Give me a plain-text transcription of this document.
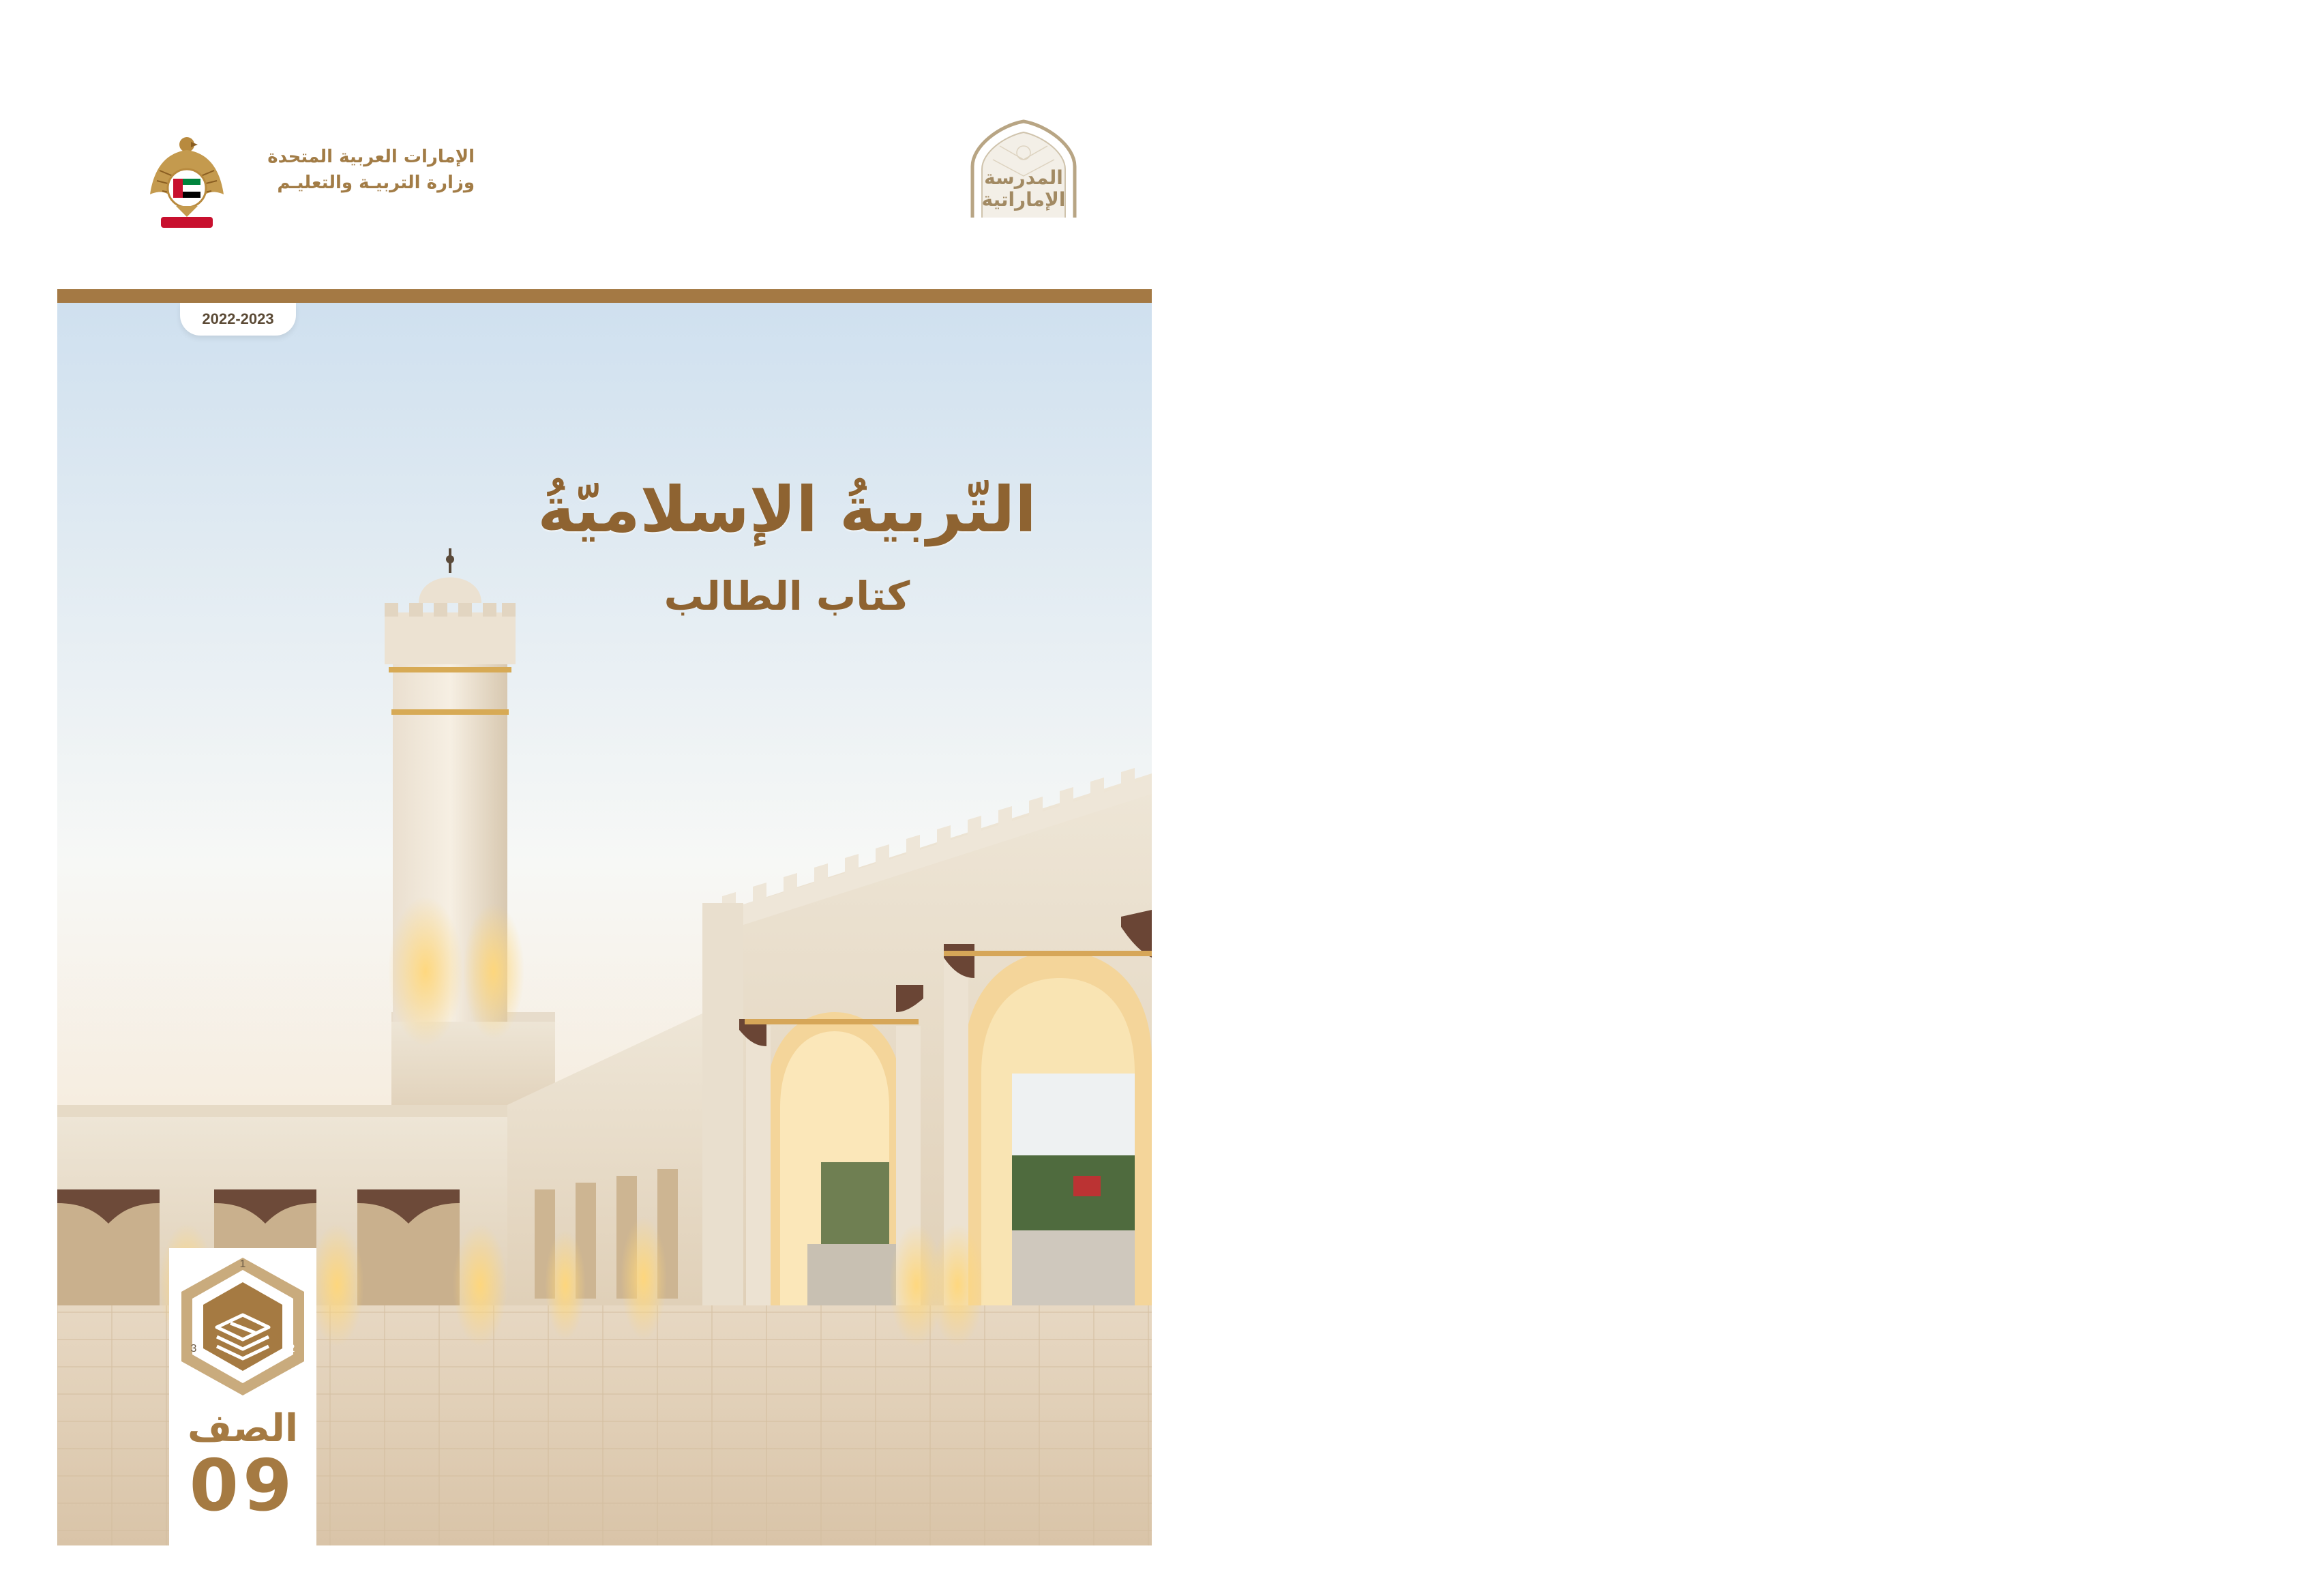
الإمارات العربية المتحدة
وزارة التربيـة والتعليـم	المدرسة
الإماراتية
2022-2023
التّربيةُ الإسلاميّةُ
كتاب الطالب
1
2
3
الصف
09
